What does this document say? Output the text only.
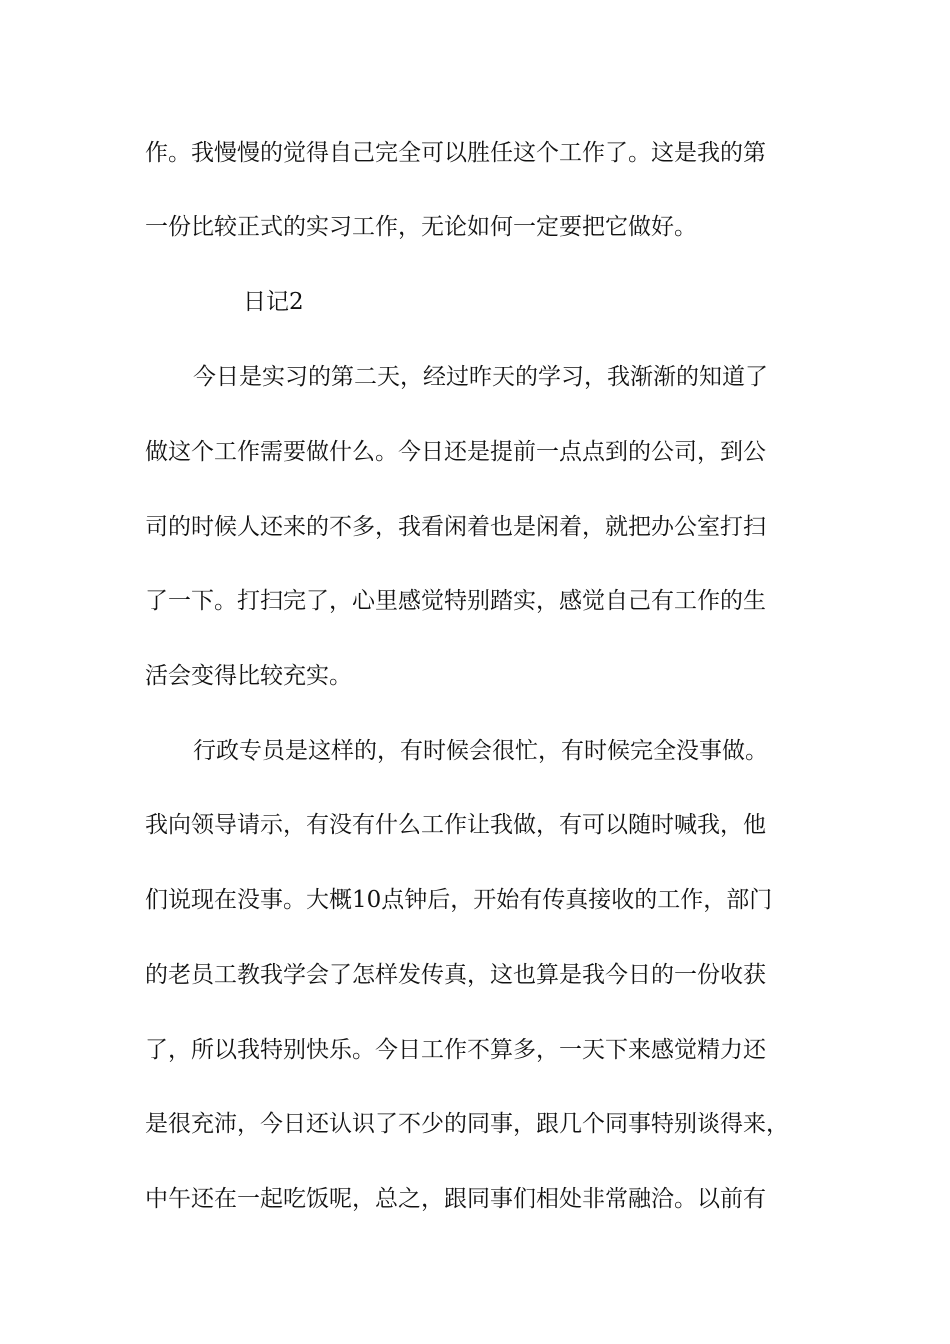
作。我慢慢的觉得自己完全可以胜任这个工作了。这是我的第

一份比较正式的实习工作，无论如何一定要把它做好。

日记2

今日是实习的第二天，经过昨天的学习，我渐渐的知道了

做这个工作需要做什么。今日还是提前一点点到的公司，到公

司的时候人还来的不多，我看闲着也是闲着，就把办公室打扫

了一下。打扫完了，心里感觉特别踏实，感觉自己有工作的生

活会变得比较充实。

行政专员是这样的，有时候会很忙，有时候完全没事做。

我向领导请示，有没有什么工作让我做，有可以随时喊我，他

们说现在没事。大概10点钟后，开始有传真接收的工作，部门

的老员工教我学会了怎样发传真，这也算是我今日的一份收获

了，所以我特别快乐。今日工作不算多，一天下来感觉精力还

是很充沛，今日还认识了不少的同事，跟几个同事特别谈得来，

中午还在一起吃饭呢，总之，跟同事们相处非常融洽。以前有
